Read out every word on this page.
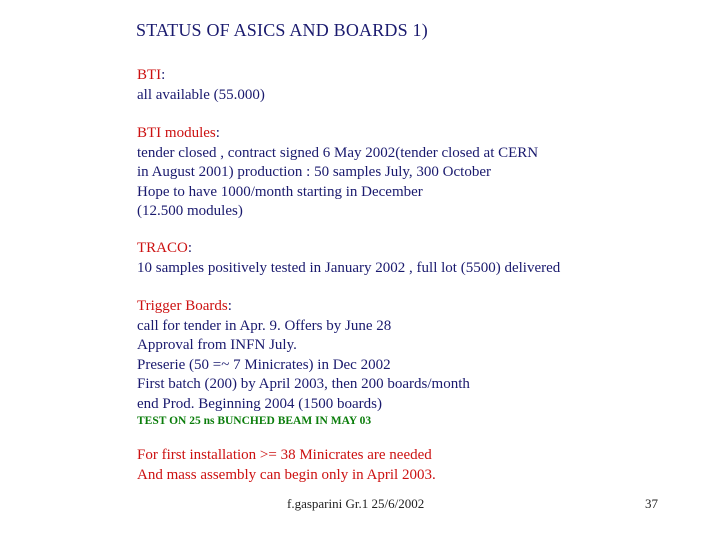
STATUS OF ASICS AND BOARDS 1)
BTI:
all available (55.000)
BTI modules:
tender closed , contract signed 6 May 2002(tender closed at CERN
in August 2001) production : 50 samples July, 300 October
Hope to have 1000/month starting in December
(12.500 modules)
TRACO:
10 samples positively tested in January 2002 , full lot (5500) delivered
Trigger Boards:
call for tender in Apr. 9. Offers by June 28
Approval from INFN July.
Preserie (50 =~ 7 Minicrates) in Dec 2002
First batch (200) by April 2003, then 200 boards/month
end Prod. Beginning 2004 (1500 boards)
TEST ON 25 ns BUNCHED BEAM IN MAY 03
For first installation >= 38 Minicrates are needed
And mass assembly can begin only in April 2003.
f.gasparini Gr.1 25/6/2002	37
